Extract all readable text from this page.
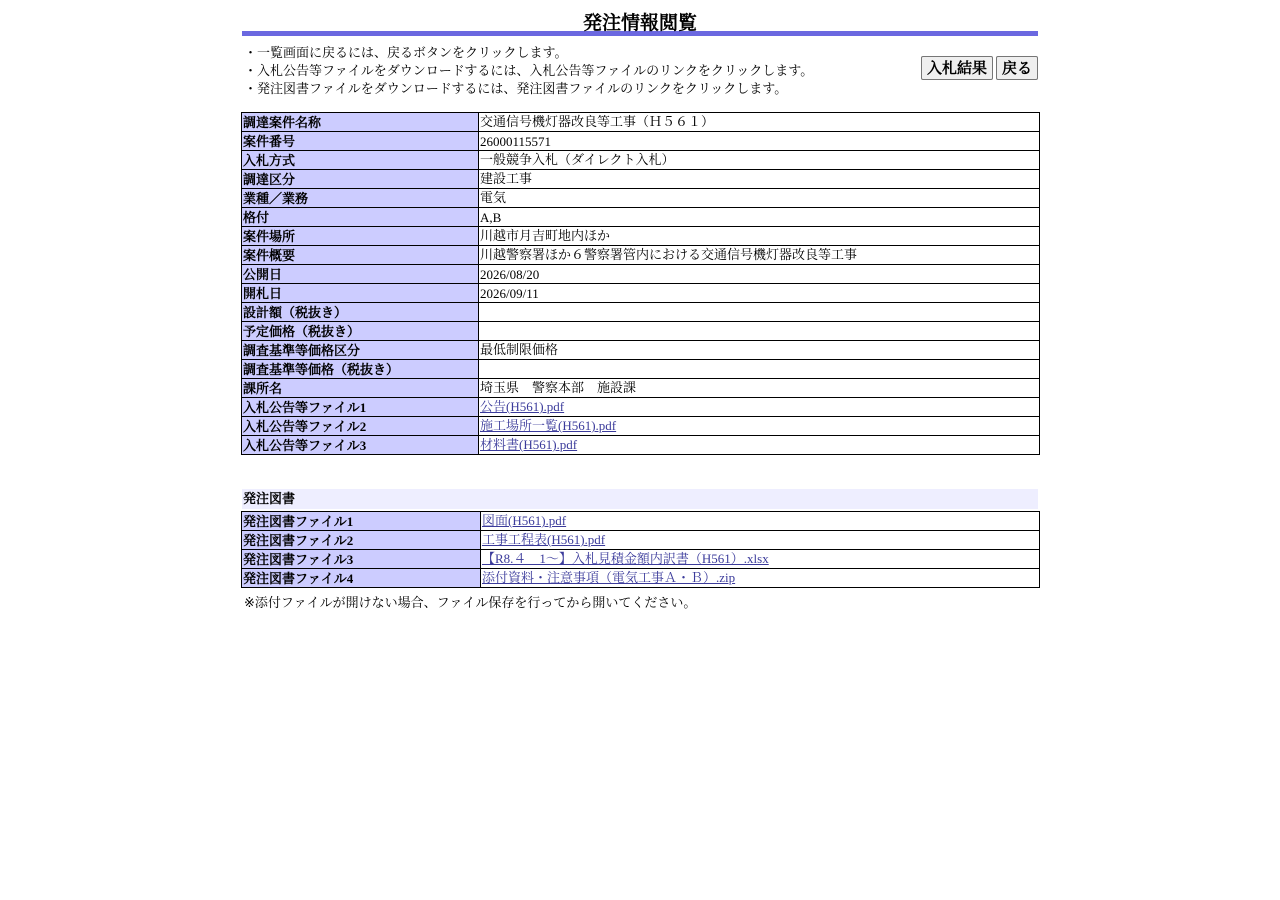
発注情報閲覧
・一覧画面に戻るには、戻るボタンをクリックします。
・入札公告等ファイルをダウンロードするには、入札公告等ファイルのリンクをクリックします。
・発注図書ファイルをダウンロードするには、発注図書ファイルのリンクをクリックします。
入札結果	戻る
調達案件名称	交通信号機灯器改良等工事（Ｈ５６１）
案件番号	26000115571
入札方式	一般競争入札（ダイレクト入札）
調達区分	建設工事
業種／業務	電気
格付	A,B
案件場所	川越市月吉町地内ほか
案件概要	川越警察署ほか６警察署管内における交通信号機灯器改良等工事
公開日	2026/08/20
開札日	2026/09/11
設計額（税抜き）	
予定価格（税抜き）	
調査基準等価格区分	最低制限価格
調査基準等価格（税抜き）	
課所名	埼玉県　警察本部　施設課
入札公告等ファイル1	公告(H561).pdf
入札公告等ファイル2	施工場所一覧(H561).pdf
入札公告等ファイル3	材料書(H561).pdf
発注図書
発注図書ファイル1	図面(H561).pdf
発注図書ファイル2	工事工程表(H561).pdf
発注図書ファイル3	【R8.４　1～】入札見積金額内訳書（H561）.xlsx
発注図書ファイル4	添付資料・注意事項（電気工事Ａ・Ｂ）.zip
※添付ファイルが開けない場合、ファイル保存を行ってから開いてください。
